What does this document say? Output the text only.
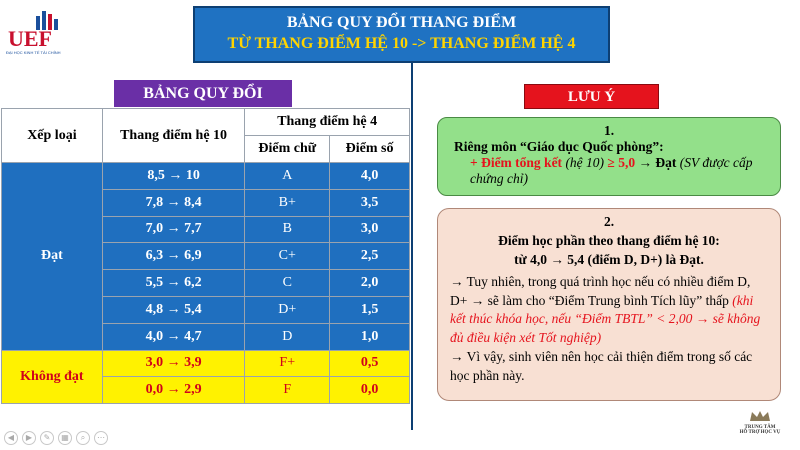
UEF
ĐẠI HỌC KINH TẾ TÀI CHÍNH
BẢNG QUY ĐỔI THANG ĐIỂM
TỪ THANG ĐIỂM HỆ 10 -> THANG ĐIỂM HỆ 4
BẢNG QUY ĐỔI
Xếp loại	Thang điểm hệ 10	Thang điểm hệ 4	
		Điểm chữ	Điểm số
Đạt	8,5 → 10	A	4,0
	7,8 → 8,4	B+	3,5
	7,0 → 7,7	B	3,0
	6,3 → 6,9	C+	2,5
	5,5 → 6,2	C	2,0
	4,8 → 5,4	D+	1,5
	4,0 → 4,7	D	1,0
Không đạt	3,0 → 3,9	F+	0,5
	0,0 → 2,9	F	0,0
LƯU Ý
1.
Riêng môn “Giáo dục Quốc phòng”:
+ Điểm tổng kết (hệ 10) ≥ 5,0 → Đạt (SV được cấp chứng chỉ)
2.
Điểm học phần theo thang điểm hệ 10:
từ 4,0 → 5,4 (điểm D, D+) là Đạt.
→ Tuy nhiên, trong quá trình học nếu có nhiều điểm D, D+ → sẽ làm cho “Điểm Trung bình Tích lũy” thấp (khi kết thúc khóa học, nếu “Điểm TBTL” < 2,00 → sẽ không đủ điều kiện xét Tốt nghiệp)
→ Vì vậy, sinh viên nên học cải thiện điểm trong số các học phần này.
TRUNG TÂM
HỖ TRỢ HỌC VỤ
◀	▶	✎	▦	⌕	⋯
